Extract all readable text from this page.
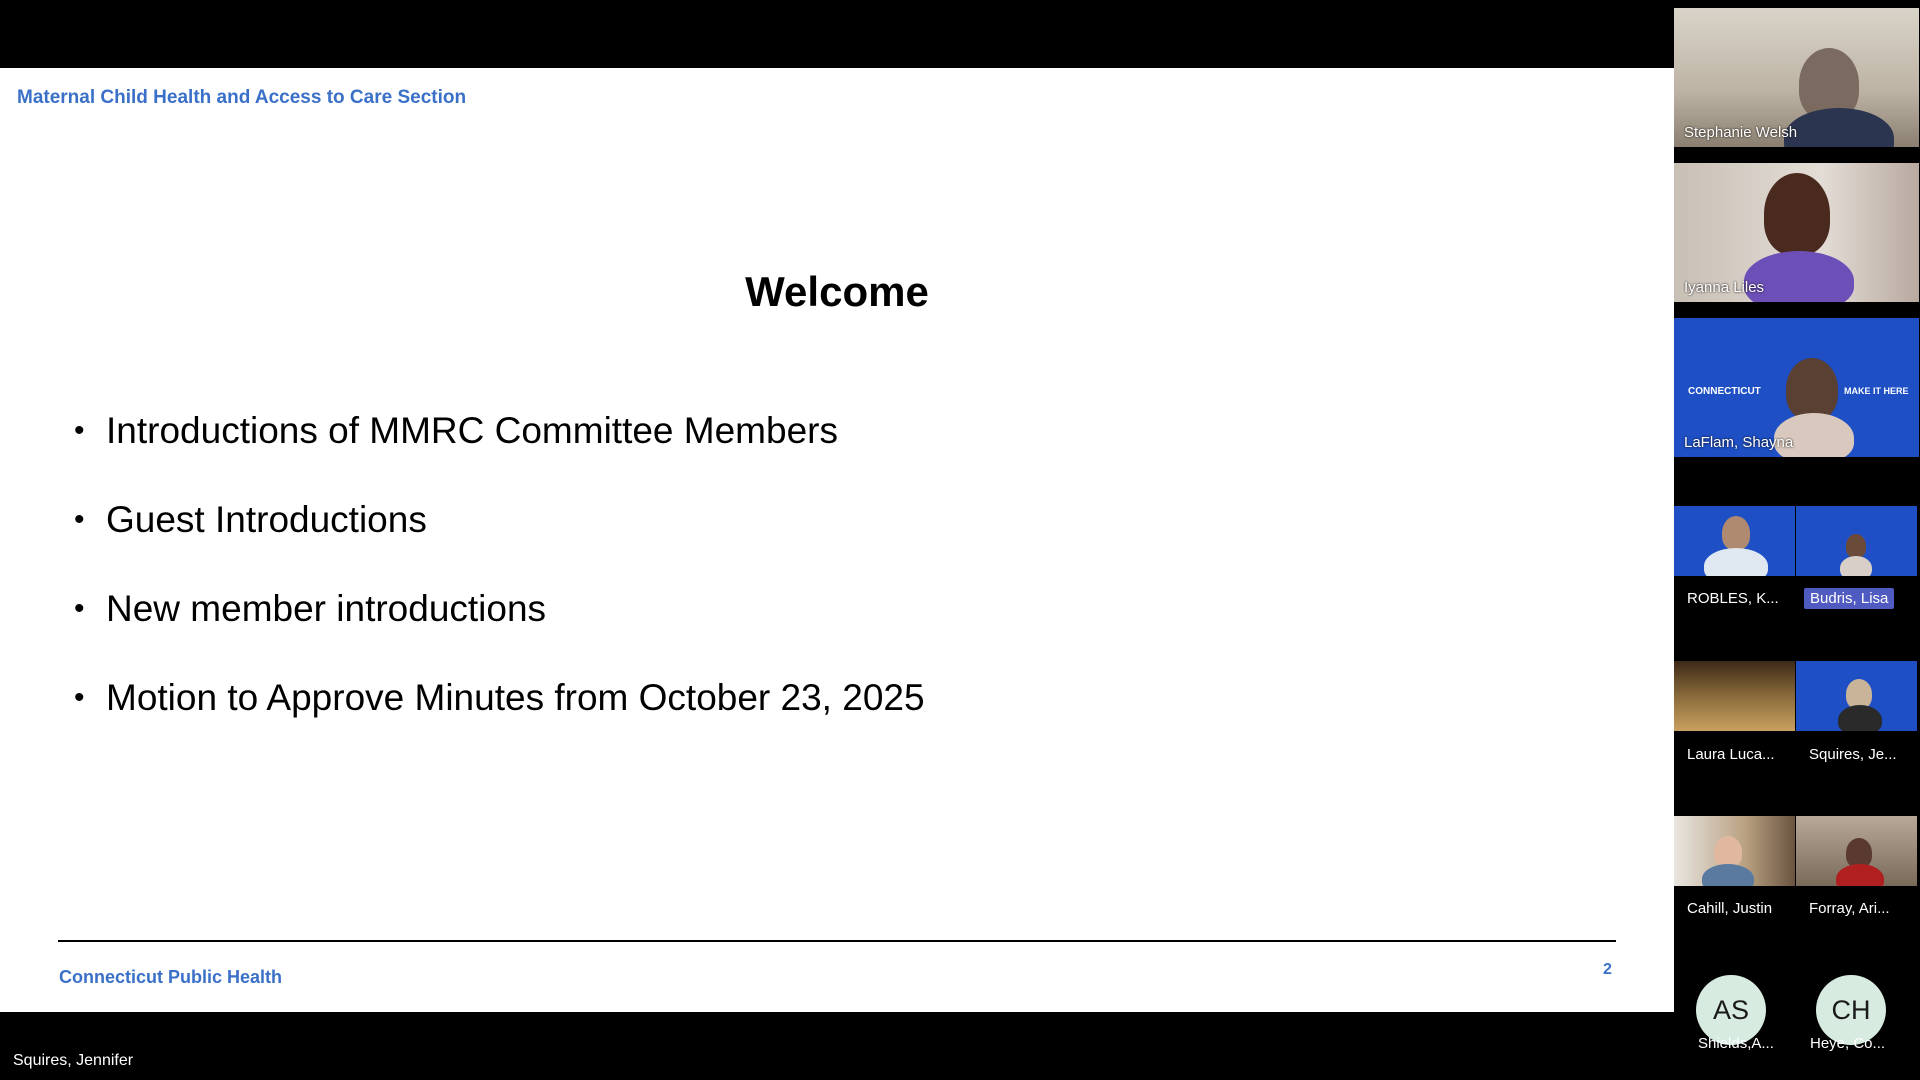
Maternal Child Health and Access to Care Section
Welcome
• Introductions of MMRC Committee Members
• Guest Introductions
• New member introductions
• Motion to Approve Minutes from October 23, 2025
Connecticut Public Health	2
Squires, Jennifer
Stephanie Welsh
Iyanna Liles
CONNECTICUT	MAKE IT HERE
LaFlam, Shayna
ROBLES, K...	Budris, Lisa
Laura Luca... Squires, Je...
Cahill, Justin Forray, Ari...
AS	CH
Shields,A... Heye, Co...
